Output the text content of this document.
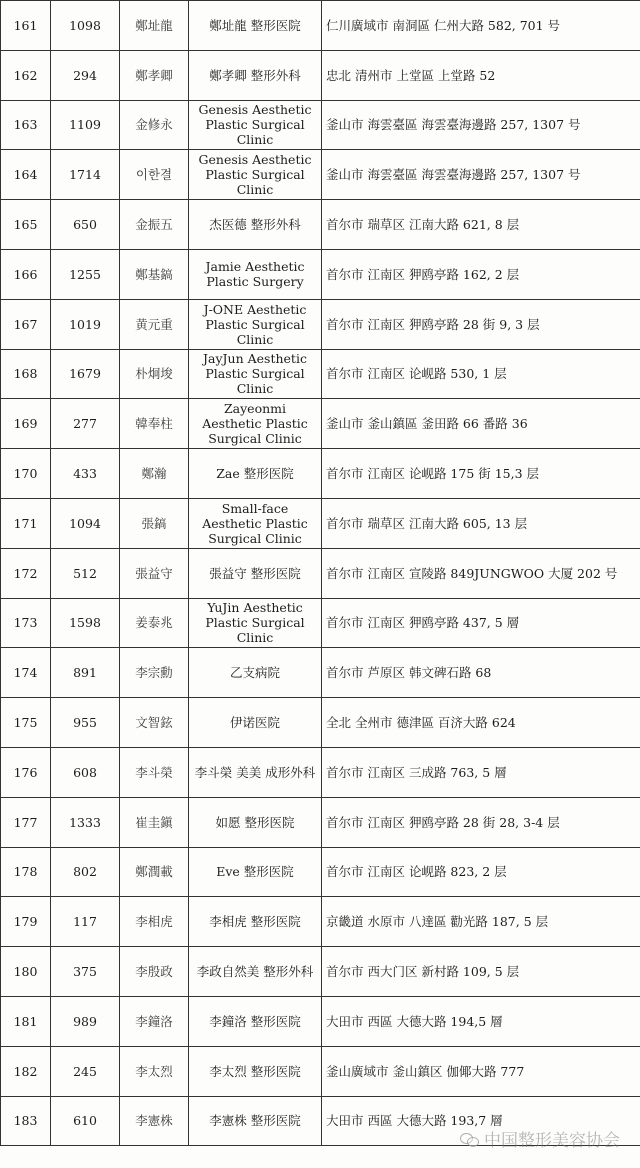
161	1098	鄭址龍	鄭址龍 整形医院	仁川廣域市 南洞區 仁州大路 582, 701 号
162	294	鄭孝卿	鄭孝卿 整形外科	忠北 清州市 上堂區 上堂路 52
163	1109	金修永	Genesis Aesthetic Plastic Surgical Clinic	釜山市 海雲臺區 海雲臺海邊路 257, 1307 号
164	1714	이한결	Genesis Aesthetic Plastic Surgical Clinic	釜山市 海雲臺區 海雲臺海邊路 257, 1307 号
165	650	金振五	杰医德 整形外科	首尔市 瑞草区 江南大路 621, 8 层
166	1255	鄭基鎬	Jamie Aesthetic Plastic Surgery	首尔市 江南区 狎鸥亭路 162, 2 层
167	1019	黄元重	J-ONE Aesthetic Plastic Surgical Clinic	首尔市 江南区 狎鸥亭路 28 街 9, 3 层
168	1679	朴炯埈	JayJun Aesthetic Plastic Surgical Clinic	首尔市 江南区 论岘路 530, 1 层
169	277	韓奉柱	Zayeonmi Aesthetic Plastic Surgical Clinic	釜山市 釜山鎮區 釜田路 66 番路 36
170	433	鄭瀚	Zae 整形医院	首尔市 江南区 论岘路 175 街 15,3 层
171	1094	張鎬	Small-face Aesthetic Plastic Surgical Clinic	首尔市 瑞草区 江南大路 605, 13 层
172	512	張益守	張益守 整形医院	首尔市 江南区 宣陵路 849JUNGWOO 大厦 202 号
173	1598	姜泰兆	YuJin Aesthetic Plastic Surgical Clinic	首尔市 江南区 狎鸥亭路 437, 5 層
174	891	李宗勳	乙支病院	首尔市 芦原区 韩文碑石路 68
175	955	文智鉉	伊诺医院	全北 全州市 德津區 百济大路 624
176	608	李斗榮	李斗榮 美美 成形外科	首尔市 江南区 三成路 763, 5 層
177	1333	崔圭鎭	如愿 整形医院	首尔市 江南区 狎鸥亭路 28 街 28, 3-4 层
178	802	鄭潤載	Eve 整形医院	首尔市 江南区 论岘路 823, 2 层
179	117	李相虎	李相虎 整形医院	京畿道 水原市 八達區 勸光路 187, 5 层
180	375	李殷政	李政自然美 整形外科	首尔市 西大门区 新村路 109, 5 层
181	989	李鐘洛	李鐘洛 整形医院	大田市 西區 大德大路 194,5 層
182	245	李太烈	李太烈 整形医院	釜山廣域市 釜山鎮区 伽倻大路 777
183	610	李憲株	李憲株 整形医院	大田市 西區 大德大路 193,7 層
中国整形美容协会
